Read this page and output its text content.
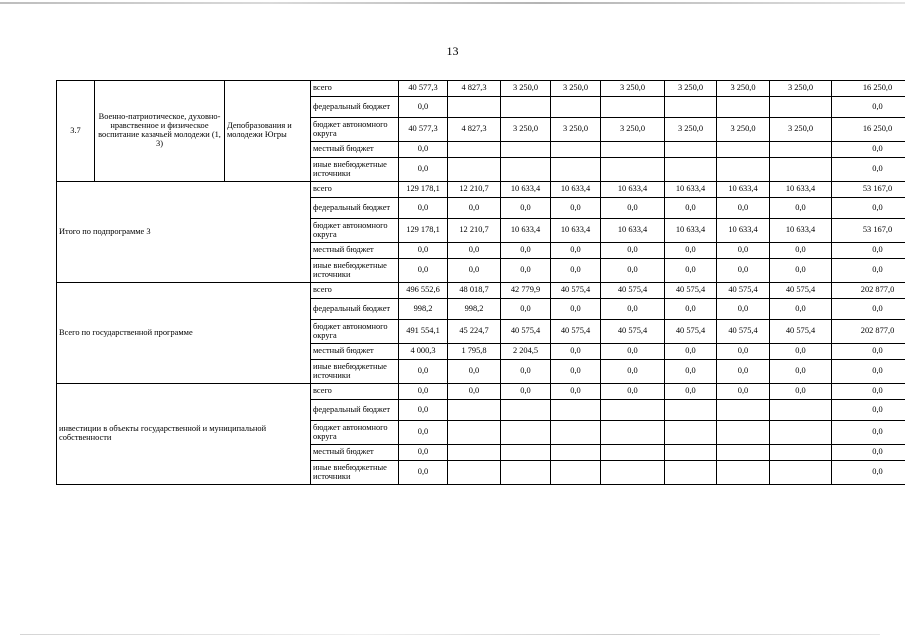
13
3.7	Военно-патриотическое, духовно-нравственное и физическое воспитание казачьей молодежи (1, 3)	Депобразования и молодежи Югры	всего	40 577,3	4 827,3	3 250,0	3 250,0	3 250,0	3 250,0	3 250,0	3 250,0	16 250,0
			федеральный бюджет	0,0								0,0
			бюджет автономного округа	40 577,3	4 827,3	3 250,0	3 250,0	3 250,0	3 250,0	3 250,0	3 250,0	16 250,0
			местный бюджет	0,0								0,0
			иные внебюджетные источники	0,0								0,0
Итого по подпрограмме 3			всего	129 178,1	12 210,7	10 633,4	10 633,4	10 633,4	10 633,4	10 633,4	10 633,4	53 167,0
			федеральный бюджет	0,0	0,0	0,0	0,0	0,0	0,0	0,0	0,0	0,0
			бюджет автономного округа	129 178,1	12 210,7	10 633,4	10 633,4	10 633,4	10 633,4	10 633,4	10 633,4	53 167,0
			местный бюджет	0,0	0,0	0,0	0,0	0,0	0,0	0,0	0,0	0,0
			иные внебюджетные источники	0,0	0,0	0,0	0,0	0,0	0,0	0,0	0,0	0,0
Всего по государственной программе			всего	496 552,6	48 018,7	42 779,9	40 575,4	40 575,4	40 575,4	40 575,4	40 575,4	202 877,0
			федеральный бюджет	998,2	998,2	0,0	0,0	0,0	0,0	0,0	0,0	0,0
			бюджет автономного округа	491 554,1	45 224,7	40 575,4	40 575,4	40 575,4	40 575,4	40 575,4	40 575,4	202 877,0
			местный бюджет	4 000,3	1 795,8	2 204,5	0,0	0,0	0,0	0,0	0,0	0,0
			иные внебюджетные источники	0,0	0,0	0,0	0,0	0,0	0,0	0,0	0,0	0,0
инвестиции в объекты государственной и муниципальной собственности			всего	0,0	0,0	0,0	0,0	0,0	0,0	0,0	0,0	0,0
			федеральный бюджет	0,0								0,0
			бюджет автономного округа	0,0								0,0
			местный бюджет	0,0								0,0
			иные внебюджетные источники	0,0								0,0
